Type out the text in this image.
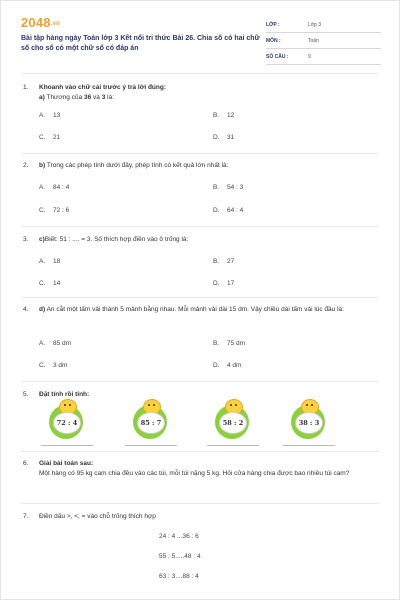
2048.vn
Bài tập hàng ngày Toán lớp 3 Kết nối tri thức Bài 26. Chia số có hai chữ số cho số có một chữ số có đáp án
LỚP :	Lớp 3
MÔN :	Toán
SỐ CÂU :	9
1.	Khoanh vào chữ cái trước ý trả lời đúng:
a) Thương của 36 và 3 là:
A. 13	B. 12
C. 21	D. 31
2.	b) Trong các phép tính dưới đây, phép tính có kết quả lớn nhất là:
A. 84 : 4	B. 54 : 3
C. 72 : 6	D. 64 : 4
3.	c)Biết: 51 : .... = 3. Số thích hợp điền vào ô trống là:
A. 18	B. 27
C. 14	D. 17
4.	d) An cắt một tấm vải thành 5 mảnh bằng nhau. Mỗi mảnh vải dài 15 dm. Vậy chiều dài tấm vải lúc đầu là:
A. 85 dm	B. 75 dm
C. 3 dm	D. 4 dm
5.	Đặt tính rồi tính:
72 : 4	85 : 7	58 : 2	38 : 3
6.	Giải bài toán sau:
Một hàng có 95 kg cam chia đều vào các túi, mỗi túi nặng 5 kg. Hỏi cửa hàng chia được bao nhiêu túi cam?
7.	Điền dấu >, <, = vào chỗ trống thích hợp
24 : 4 ...36 : 6
55 : 5.....48 : 4
63 : 3....88 : 4
